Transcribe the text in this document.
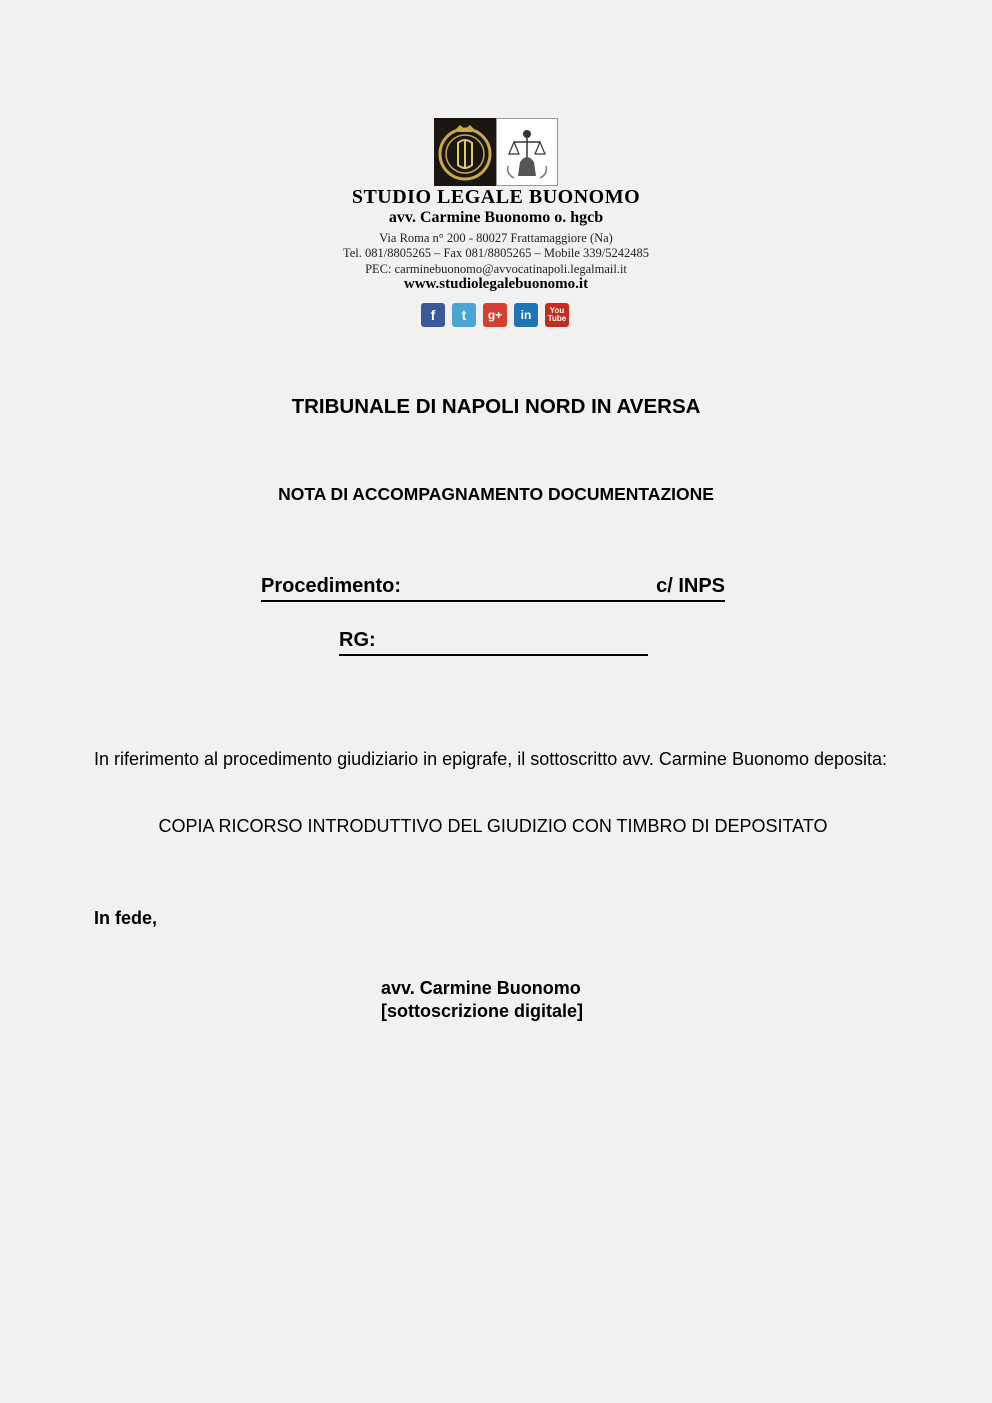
STUDIO LEGALE BUONOMO
avv. Carmine Buonomo o. hgcb
Via Roma n° 200 - 80027 Frattamaggiore (Na)
Tel. 081/8805265 – Fax 081/8805265 – Mobile 339/5242485
PEC: carminebuonomo@avvocatinapoli.legalmail.it
www.studiolegalebuonomo.it
f	t	g+	in	You
Tube
TRIBUNALE DI NAPOLI NORD IN AVERSA
NOTA DI ACCOMPAGNAMENTO DOCUMENTAZIONE
Procedimento:	c/ INPS
RG:
In riferimento al procedimento giudiziario in epigrafe, il sottoscritto avv. Carmine Buonomo deposita:
COPIA RICORSO INTRODUTTIVO DEL GIUDIZIO CON TIMBRO DI DEPOSITATO
In fede,
avv. Carmine Buonomo
[sottoscrizione digitale]
